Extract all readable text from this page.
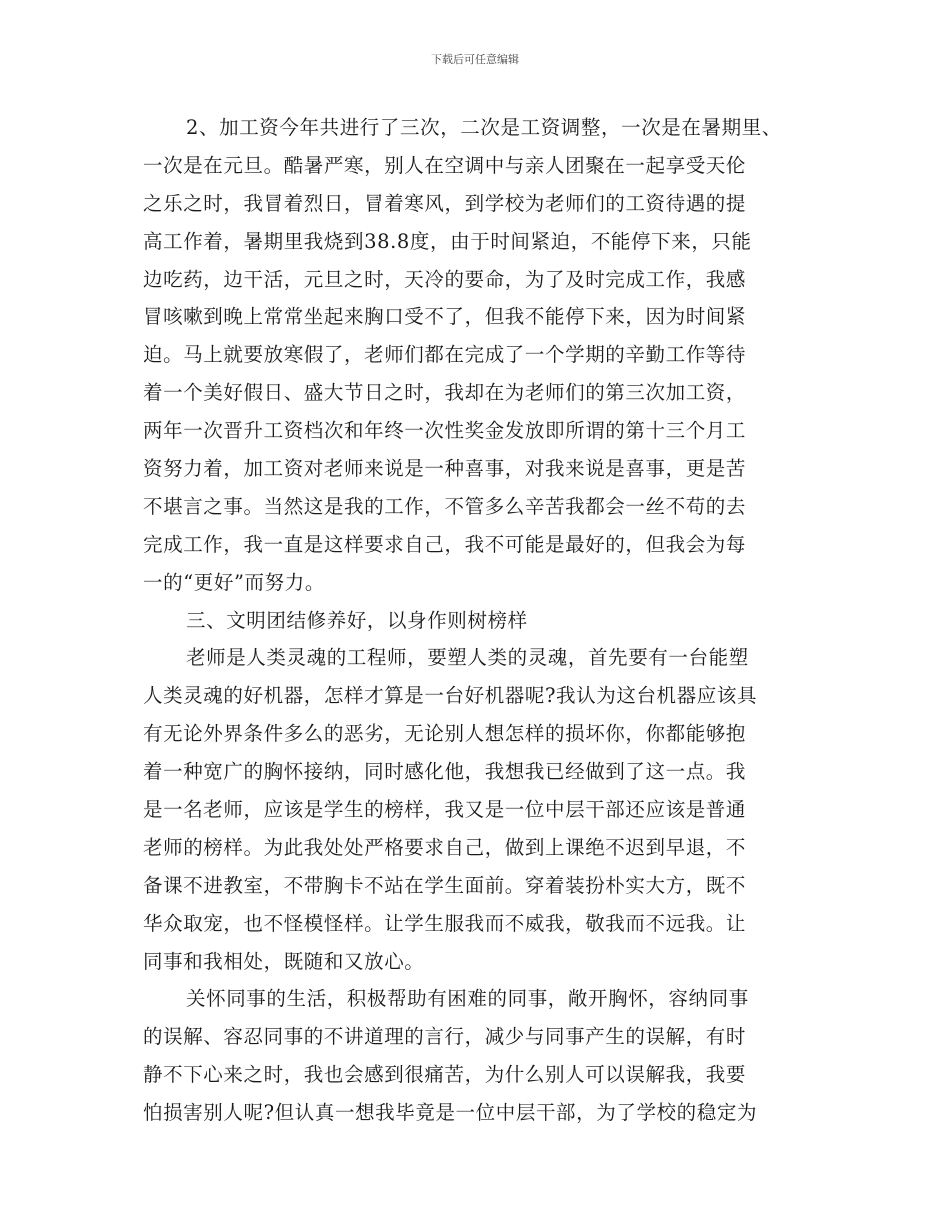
下载后可任意编辑
2、加工资今年共进行了三次，二次是工资调整，一次是在暑期里、
一次是在元旦。酷暑严寒，别人在空调中与亲人团聚在一起享受天伦
之乐之时，我冒着烈日，冒着寒风，到学校为老师们的工资待遇的提
高工作着，暑期里我烧到38.8度，由于时间紧迫，不能停下来，只能
边吃药，边干活，元旦之时，天冷的要命，为了及时完成工作，我感
冒咳嗽到晚上常常坐起来胸口受不了，但我不能停下来，因为时间紧
迫。马上就要放寒假了，老师们都在完成了一个学期的辛勤工作等待
着一个美好假日、盛大节日之时，我却在为老师们的第三次加工资，
两年一次晋升工资档次和年终一次性奖金发放即所谓的第十三个月工
资努力着，加工资对老师来说是一种喜事，对我来说是喜事，更是苦
不堪言之事。当然这是我的工作，不管多么辛苦我都会一丝不苟的去
完成工作，我一直是这样要求自己，我不可能是最好的，但我会为每
一的“更好”而努力。
三、文明团结修养好，以身作则树榜样
老师是人类灵魂的工程师，要塑人类的灵魂，首先要有一台能塑
人类灵魂的好机器，怎样才算是一台好机器呢?我认为这台机器应该具
有无论外界条件多么的恶劣，无论别人想怎样的损坏你，你都能够抱
着一种宽广的胸怀接纳，同时感化他，我想我已经做到了这一点。我
是一名老师，应该是学生的榜样，我又是一位中层干部还应该是普通
老师的榜样。为此我处处严格要求自己，做到上课绝不迟到早退，不
备课不进教室，不带胸卡不站在学生面前。穿着装扮朴实大方，既不
华众取宠，也不怪模怪样。让学生服我而不威我，敬我而不远我。让
同事和我相处，既随和又放心。
关怀同事的生活，积极帮助有困难的同事，敞开胸怀，容纳同事
的误解、容忍同事的不讲道理的言行，减少与同事产生的误解，有时
静不下心来之时，我也会感到很痛苦，为什么别人可以误解我，我要
怕损害别人呢?但认真一想我毕竟是一位中层干部，为了学校的稳定为
